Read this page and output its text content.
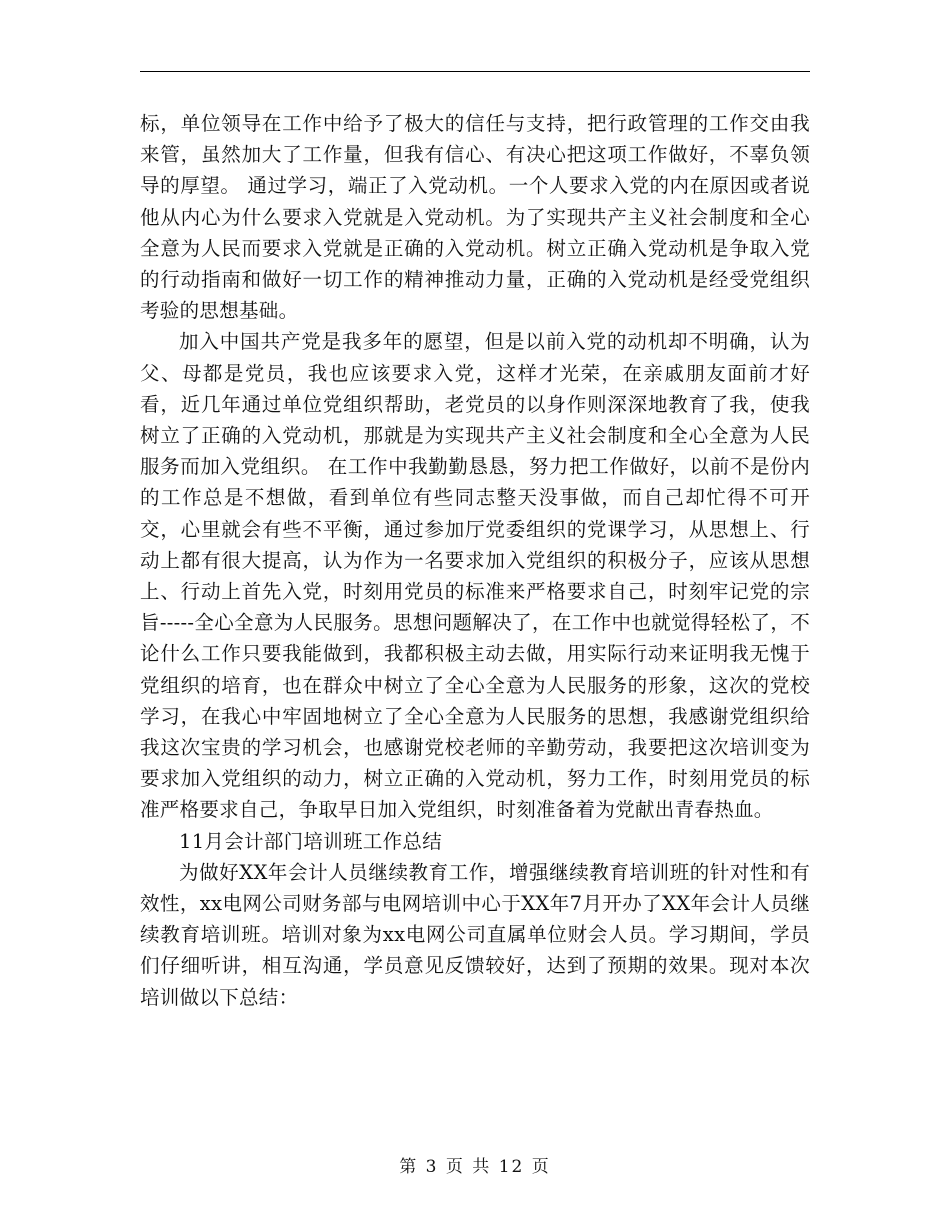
标，单位领导在工作中给予了极大的信任与支持，把行政管理的工作交由我来管，虽然加大了工作量，但我有信心、有决心把这项工作做好，不辜负领导的厚望。 通过学习，端正了入党动机。一个人要求入党的内在原因或者说他从内心为什么要求入党就是入党动机。为了实现共产主义社会制度和全心全意为人民而要求入党就是正确的入党动机。树立正确入党动机是争取入党的行动指南和做好一切工作的精神推动力量，正确的入党动机是经受党组织考验的思想基础。

加入中国共产党是我多年的愿望，但是以前入党的动机却不明确，认为父、母都是党员，我也应该要求入党，这样才光荣，在亲戚朋友面前才好看，近几年通过单位党组织帮助，老党员的以身作则深深地教育了我，使我树立了正确的入党动机，那就是为实现共产主义社会制度和全心全意为人民服务而加入党组织。 在工作中我勤勤恳恳，努力把工作做好，以前不是份内的工作总是不想做，看到单位有些同志整天没事做，而自己却忙得不可开交，心里就会有些不平衡，通过参加厅党委组织的党课学习，从思想上、行动上都有很大提高，认为作为一名要求加入党组织的积极分子，应该从思想上、行动上首先入党，时刻用党员的标准来严格要求自己，时刻牢记党的宗旨-----全心全意为人民服务。思想问题解决了，在工作中也就觉得轻松了，不论什么工作只要我能做到，我都积极主动去做，用实际行动来证明我无愧于党组织的培育，也在群众中树立了全心全意为人民服务的形象，这次的党校学习，在我心中牢固地树立了全心全意为人民服务的思想，我感谢党组织给我这次宝贵的学习机会，也感谢党校老师的辛勤劳动，我要把这次培训变为要求加入党组织的动力，树立正确的入党动机，努力工作，时刻用党员的标准严格要求自己，争取早日加入党组织，时刻准备着为党献出青春热血。

11月会计部门培训班工作总结

为做好XX年会计人员继续教育工作，增强继续教育培训班的针对性和有效性，xx电网公司财务部与电网培训中心于XX年7月开办了XX年会计人员继续教育培训班。培训对象为xx电网公司直属单位财会人员。学习期间，学员们仔细听讲，相互沟通，学员意见反馈较好，达到了预期的效果。现对本次培训做以下总结：

第 3 页 共 12 页
